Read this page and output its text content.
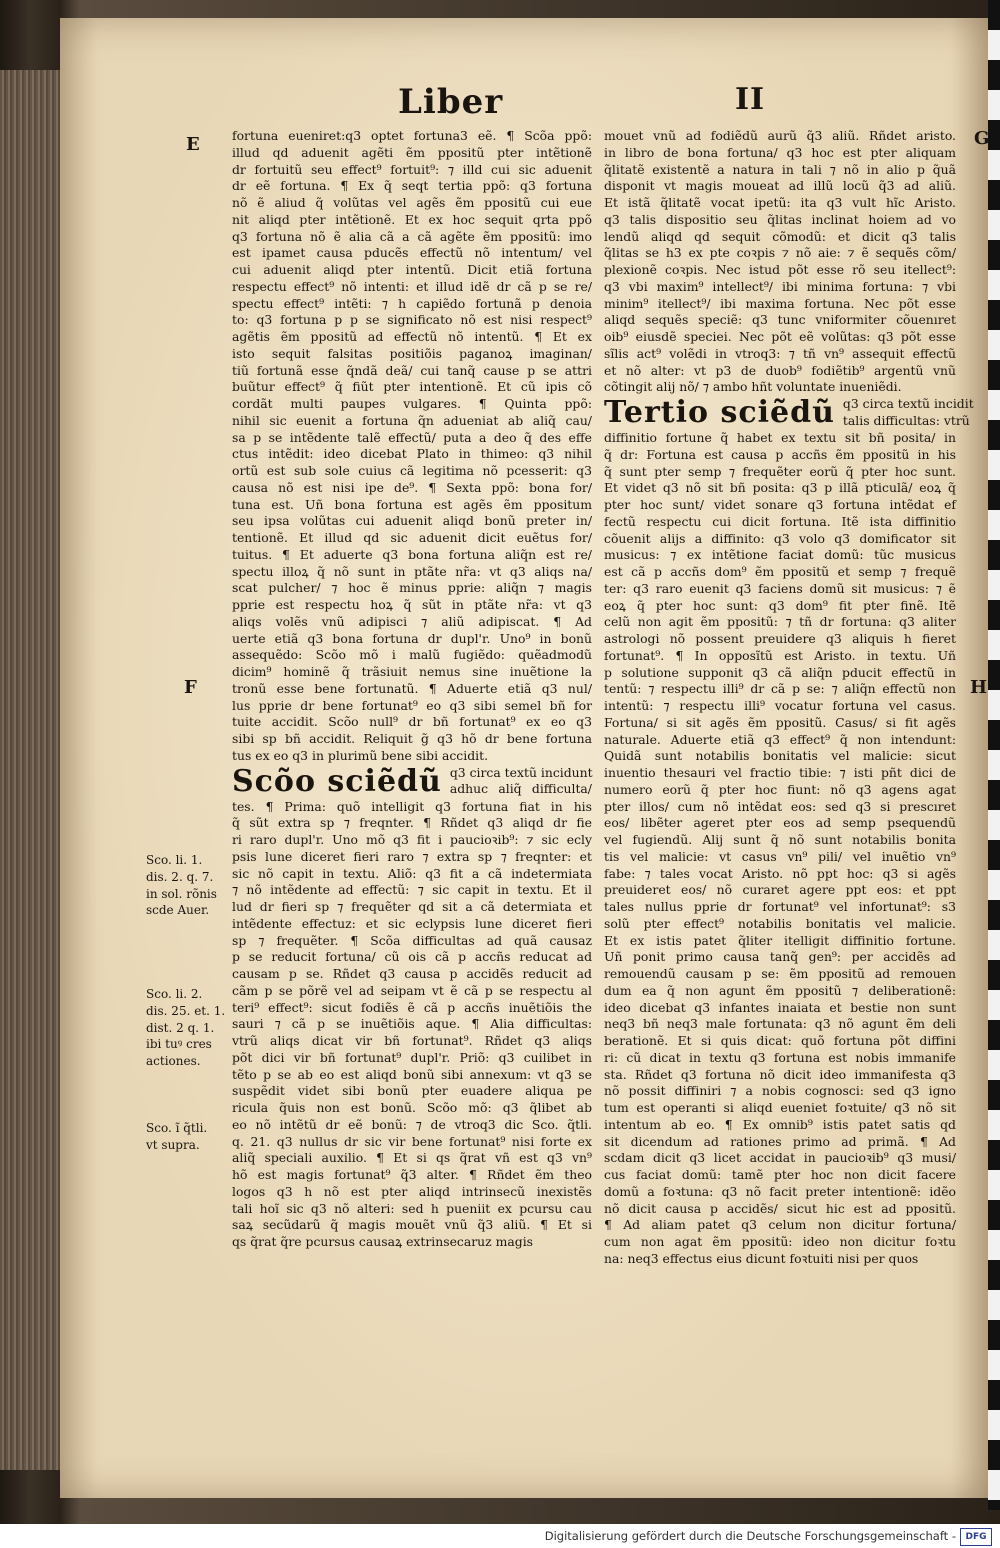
Liber	II
E
F
G
H
Sco. li. 1.
dis. 2. q. 7.
in sol. rõnis
scde Auer.
Sco. li. 2.
dis. 25. et. 1.
dist. 2 q. 1.
ibi tuꝰ cres
actiones.
Sco. ĩ q̃tli.
vt supra.
fortuna eueniret:q3 optet fortuna3 eẽ. ¶ Scõa ppõ:
illud qd aduenit agẽti ẽm ppositũ pter intẽtionẽ
dr fortuitũ seu effect⁹ fortuit⁹: ⁊ illd cui sic aduenit
dr eẽ fortuna. ¶ Ex q̃ seqt tertia ppõ: q3 fortuna
nõ ẽ aliud q̃ volũtas vel agẽs ẽm ppositũ cui eue
nit aliqd pter intẽtionẽ. Et ex hoc sequit qrta ppõ
q3 fortuna nõ ẽ alia cã a cã agẽte ẽm ppositũ: imo
est ipamet causa pducẽs effectũ nõ intentum/ vel
cui aduenit aliqd pter intentũ. Dicit etiã fortuna
respectu effect⁹ nõ intenti: et illud idẽ dr cã p se re/
spectu effect⁹ intẽti: ⁊ h capiẽdo fortunã p denoia
to: q3 fortuna p p se significato nõ est nisi respect⁹
agẽtis ẽm ppositũ ad effectũ nõ intentũ. ¶ Et ex
isto sequit falsitas positiõis paganoꝝ imaginan/
tiũ fortunã esse q̃ndã deã/ cui tanq̃ cause p se attri
buũtur effect⁹ q̃ fiũt pter intentionẽ. Et cũ ipis cõ
cordãt multi paupes vulgares. ¶ Quinta ppõ:
nihil sic euenit a fortuna q̃n adueniat ab aliq̃ cau/
sa p se intẽdente talẽ effectũ/ puta a deo q̃ des effe
ctus intẽdit: ideo dicebat Plato in thimeo: q3 nihil
ortũ est sub sole cuius cã legitima nõ pcesserit: q3
causa nõ est nisi ipe de⁹. ¶ Sexta ppõ: bona for/
tuna est. Uñ bona fortuna est agẽs ẽm ppositum
seu ipsa volũtas cui aduenit aliqd bonũ preter in/
tentionẽ. Et illud qd sic aduenit dicit euẽtus for/
tuitus. ¶ Et aduerte q3 bona fortuna aliq̃n est re/
spectu illoꝝ q̃ nõ sunt in ptãte nr̃a: vt q3 aliqs na/
scat pulcher/ ⁊ hoc ẽ minus pprie: aliq̃n ⁊ magis
pprie est respectu hoꝝ q̃ sũt in ptãte nr̃a: vt q3
aliqs volẽs vnũ adipisci ⁊ aliũ adipiscat. ¶ Ad
uerte etiã q3 bona fortuna dr dupl'r. Uno⁹ in bonũ
assequẽdo: Scõo mõ i malũ fugiẽdo: quẽadmodũ
dicim⁹ hominẽ q̃ trãsiuit nemus sine inuẽtione la
tronũ esse bene fortunatũ. ¶ Aduerte etiã q3 nul/
lus pprie dr bene fortunat⁹ eo q3 sibi semel bñ for
tuite accidit. Scõo null⁹ dr bñ fortunat⁹ ex eo q3
sibi sp bñ accidit. Reliquit g̃ q3 hõ dr bene fortuna
tus ex eo q3 in plurimũ bene sibi accidit.
Scõo sciẽdũ q3 circa textũ incidunt
adhuc aliq̃ difficulta/
tes. ¶ Prima: quõ intelligit q3 fortuna fiat in his
q̃ sũt extra sp ⁊ freqnter. ¶ Rñdet q3 aliqd dr fie
ri raro dupl'r. Uno mõ q3 fit i paucioꝛib⁹: ⁊ sic ecly
psis lune diceret fieri raro ⁊ extra sp ⁊ freqnter: et
sic nõ capit in textu. Aliõ: q3 fit a cã indetermiata
⁊ nõ intẽdente ad effectũ: ⁊ sic capit in textu. Et il
lud dr fieri sp ⁊ frequẽter qd sit a cã determiata et
intẽdente effectuz: et sic eclypsis lune diceret fieri
sp ⁊ frequẽter. ¶ Scõa difficultas ad quã causaz
p se reducit fortuna/ cũ ois cã p accñs reducat ad
causam p se. Rñdet q3 causa p accidẽs reducit ad
cãm p se põrẽ vel ad seipam vt ẽ cã p se respectu al
teri⁹ effect⁹: sicut fodiẽs ẽ cã p accñs inuẽtiõis the
sauri ⁊ cã p se inuẽtiõis aque. ¶ Alia difficultas:
vtrũ aliqs dicat vir bñ fortunat⁹. Rñdet q3 aliqs
põt dici vir bñ fortunat⁹ dupl'r. Priõ: q3 cuilibet in
tẽto p se ab eo est aliqd bonũ sibi annexum: vt q3 se
suspẽdit videt sibi bonũ pter euadere aliqua pe
ricula q̃uis non est bonũ. Scõo mõ: q3 q̃libet ab
eo nõ intẽtũ dr eẽ bonũ: ⁊ de vtroq3 dic Sco. q̃tli.
q. 21. q3 nullus dr sic vir bene fortunat⁹ nisi forte ex
aliq̃ speciali auxilio. ¶ Et si qs q̃rat vñ est q3 vn⁹
hõ est magis fortunat⁹ q̃3 alter. ¶ Rñdet ẽm theo
logos q3 h nõ est pter aliqd intrinsecũ inexistẽs
tali hoĩ sic q3 nõ alteri: sed h pueniit ex pcursu cau
saꝝ secũdarũ q̃ magis mouẽt vnũ q̃3 aliũ. ¶ Et si
qs q̃rat q̃re pcursus causaꝝ extrinsecaruz magis
mouet vnũ ad fodiẽdũ aurũ q̃3 aliũ. Rñdet aristo.
in libro de bona fortuna/ q3 hoc est pter aliquam
q̃litatẽ existentẽ a natura in tali ⁊ nõ in alio p q̃uã
disponit vt magis moueat ad illũ locũ q̃3 ad aliũ.
Et istã q̃litatẽ vocat ipetũ: ita q3 vult hĩc Aristo.
q3 talis dispositio seu q̃litas inclinat hoiem ad vo
lendũ aliqd qd sequit cõmodũ: et dicit q3 talis
q̃litas se h3 ex pte coꝛpis ⁊ nõ aie: ⁊ ẽ sequẽs cõm/
plexionẽ coꝛpis. Nec istud põt esse rõ seu itellect⁹:
q3 vbi maxim⁹ intellect⁹/ ibi minima fortuna: ⁊ vbi
minim⁹ itellect⁹/ ibi maxima fortuna. Nec põt esse
aliqd sequẽs speciẽ: q3 tunc vniformiter cõuenıret
oib⁹ eiusdẽ speciei. Nec põt eẽ volũtas: q3 põt esse
sĩlis act⁹ volẽdi in vtroq3: ⁊ tñ vn⁹ assequit effectũ
et nõ alter: vt p3 de duob⁹ fodiẽtib⁹ argentũ vnũ
cõtingit alij nõ/ ⁊ ambo hñt voluntate inueniẽdi.
Tertio sciẽdũ q3 circa textũ incidit
talis difficultas: vtrũ
diffinitio fortune q̃ habet ex textu sit bñ posita/ in
q̃ dr: Fortuna est causa p accñs ẽm ppositũ in his
q̃ sunt pter semp ⁊ frequẽter eorũ q̃ pter hoc sunt.
Et videt q3 nõ sit bñ posita: q3 p illã pticulã/ eoꝝ q̃
pter hoc sunt/ videt sonare q3 fortuna intẽdat ef
fectũ respectu cui dicit fortuna. Itẽ ista diffinitio
cõuenit alijs a diffinito: q3 volo q3 domificator sit
musicus: ⁊ ex intẽtione faciat domũ: tũc musicus
est cã p accñs dom⁹ ẽm ppositũ et semp ⁊ frequẽ
ter: q3 raro euenit q3 faciens domũ sit musicus: ⁊ ẽ
eoꝝ q̃ pter hoc sunt: q3 dom⁹ fit pter finẽ. Itẽ
celũ non agit ẽm ppositũ: ⁊ tñ dr fortuna: q3 aliter
astrologi nõ possent preuidere q3 aliquis h fieret
fortunat⁹. ¶ In opposĩtũ est Aristo. in textu. Uñ
p solutione supponit q3 cã aliq̃n pducit effectũ in
tentũ: ⁊ respectu illi⁹ dr cã p se: ⁊ aliq̃n effectũ non
intentũ: ⁊ respectu illi⁹ vocatur fortuna vel casus.
Fortuna/ si sit agẽs ẽm ppositũ. Casus/ si fit agẽs
naturale. Aduerte etiã q3 effect⁹ q̃ non intendunt:
Quidã sunt notabilis bonitatis vel malicie: sicut
inuentio thesauri vel fractio tibie: ⁊ isti pñt dici de
numero eorũ q̃ pter hoc fiunt: nõ q3 agens agat
pter illos/ cum nõ intẽdat eos: sed q3 si prescıret
eos/ libẽter ageret pter eos ad semp psequendũ
vel fugiendũ. Alij sunt q̃ nõ sunt notabilis bonita
tis vel malicie: vt casus vn⁹ pili/ vel inuẽtio vn⁹
fabe: ⁊ tales vocat Aristo. nõ ppt hoc: q3 si agẽs
preuideret eos/ nõ curaret agere ppt eos: et ppt
tales nullus pprie dr fortunat⁹ vel infortunat⁹: s3
solũ pter effect⁹ notabilis bonitatis vel malicie.
Et ex istis patet q̃liter itelligit diffinitio fortune.
Uñ ponit primo causa tanq̃ gen⁹: per accidẽs ad
remouendũ causam p se: ẽm ppositũ ad remouen
dum ea q̃ non agunt ẽm ppositũ ⁊ deliberationẽ:
ideo dicebat q3 infantes inaiata et bestie non sunt
neq3 bñ neq3 male fortunata: q3 nõ agunt ẽm deli
berationẽ. Et si quis dicat: quõ fortuna põt diffini
ri: cũ dicat in textu q3 fortuna est nobis immanife
sta. Rñdet q3 fortuna nõ dicit ideo immanifesta q3
nõ possit diffiniri ⁊ a nobis cognosci: sed q3 igno
tum est operanti si aliqd eueniet foꝛtuite/ q3 nõ sit
intentum ab eo. ¶ Ex omnib⁹ istis patet satis qd
sit dicendum ad rationes primo ad primã. ¶ Ad
scdam dicit q3 licet accidat in paucioꝛib⁹ q3 musi/
cus faciat domũ: tamẽ pter hoc non dicit facere
domũ a foꝛtuna: q3 nõ facit preter intentionẽ: idẽo
nõ dicit causa p accidẽs/ sicut hic est ad ppositũ.
¶ Ad aliam patet q3 celum non dicitur fortuna/
cum non agat ẽm ppositũ: ideo non dicitur foꝛtu
na: neq3 effectus eius dicunt foꝛtuiti nisi per quos
Digitalisierung gefördert durch die Deutsche Forschungsgemeinschaft -	DFG
